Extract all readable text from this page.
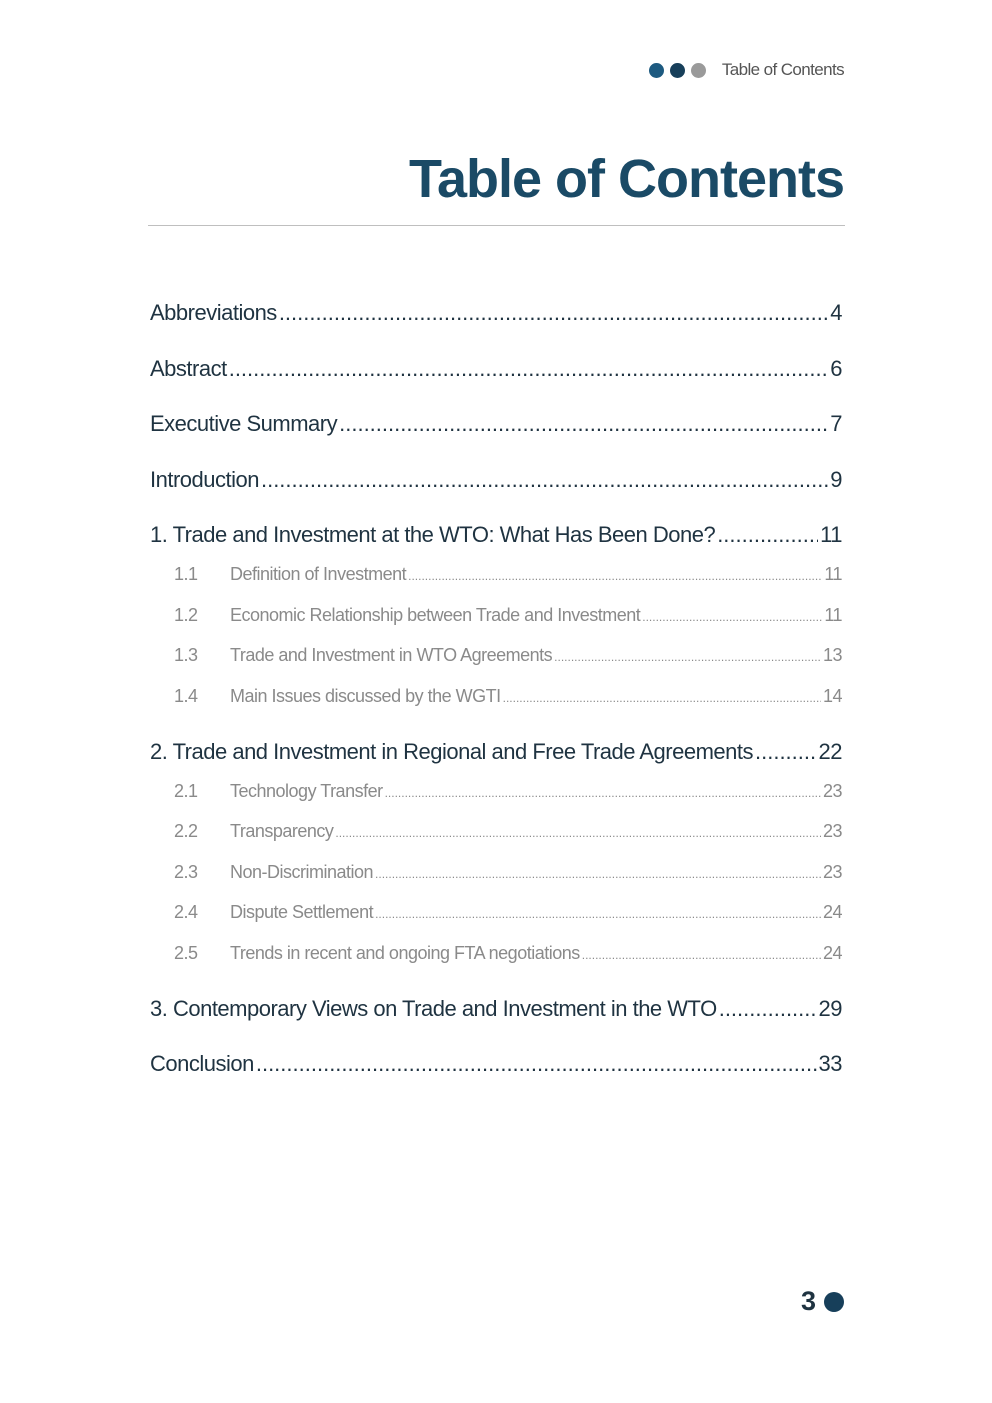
Table of Contents
Table of Contents
Abbreviations .....	4
Abstract .....	6
Executive Summary .....	7
Introduction .....	9
1. Trade and Investment at the WTO: What Has Been Done? .....	11
1.1	Definition of Investment .....	11
1.2	Economic Relationship between Trade and Investment .....	11
1.3	Trade and Investment in WTO Agreements .....	13
1.4	Main Issues discussed by the WGTI .....	14
2. Trade and Investment in Regional and Free Trade Agreements .....	22
2.1	Technology Transfer .....	23
2.2	Transparency .....	23
2.3	Non-Discrimination .....	23
2.4	Dispute Settlement .....	24
2.5	Trends in recent and ongoing FTA negotiations .....	24
3. Contemporary Views on Trade and Investment in the WTO .....	29
Conclusion .....	33
3
